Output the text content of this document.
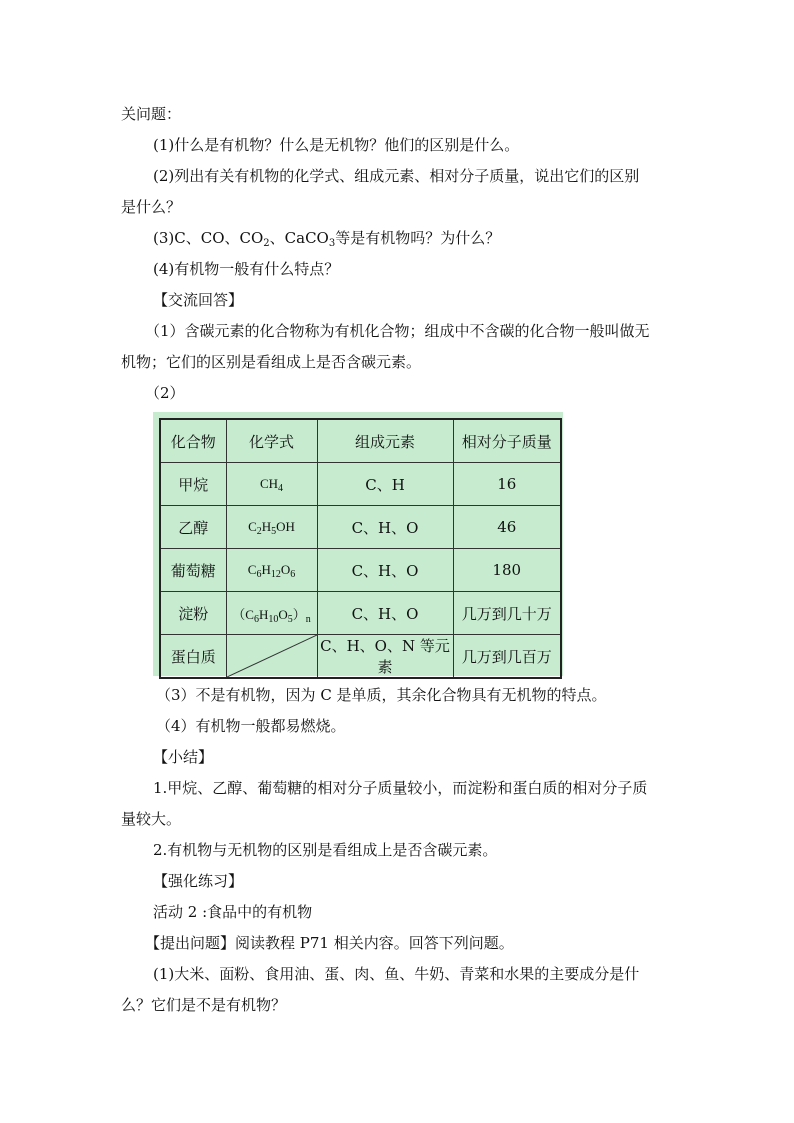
关问题：
(1)什么是有机物？什么是无机物？他们的区别是什么。
(2)列出有关有机物的化学式、组成元素、相对分子质量，说出它们的区别
是什么？
(3)C、CO、$CO_2$、CaCO$_3$等是有机物吗？为什么？
(4)有机物一般有什么特点？
【交流回答】
（1）含碳元素的化合物称为有机化合物；组成中不含碳的化合物一般叫做无
机物；它们的区别是看组成上是否含碳元素。
（2）
化合物	化学式	组成元素	相对分子质量
甲烷	$CH_4$	C、H	16
乙醇	$C_2H_5OH$	C、H、O	46
葡萄糖	$C_6H_{12}O_6$	C、H、O	180
淀粉	$(C_6H_{10}O_5)_n$	C、H、O	几万到几十万
蛋白质		C、H、O、N 等元素	几万到几百万
（3）不是有机物，因为 C 是单质，其余化合物具有无机物的特点。
（4）有机物一般都易燃烧。
【小结】
1.甲烷、乙醇、葡萄糖的相对分子质量较小，而淀粉和蛋白质的相对分子质
量较大。
2.有机物与无机物的区别是看组成上是否含碳元素。
【强化练习】
活动 2 :食品中的有机物
【提出问题】阅读教程 P71 相关内容。回答下列问题。
(1)大米、面粉、食用油、蛋、肉、鱼、牛奶、青菜和水果的主要成分是什
么？它们是不是有机物？
